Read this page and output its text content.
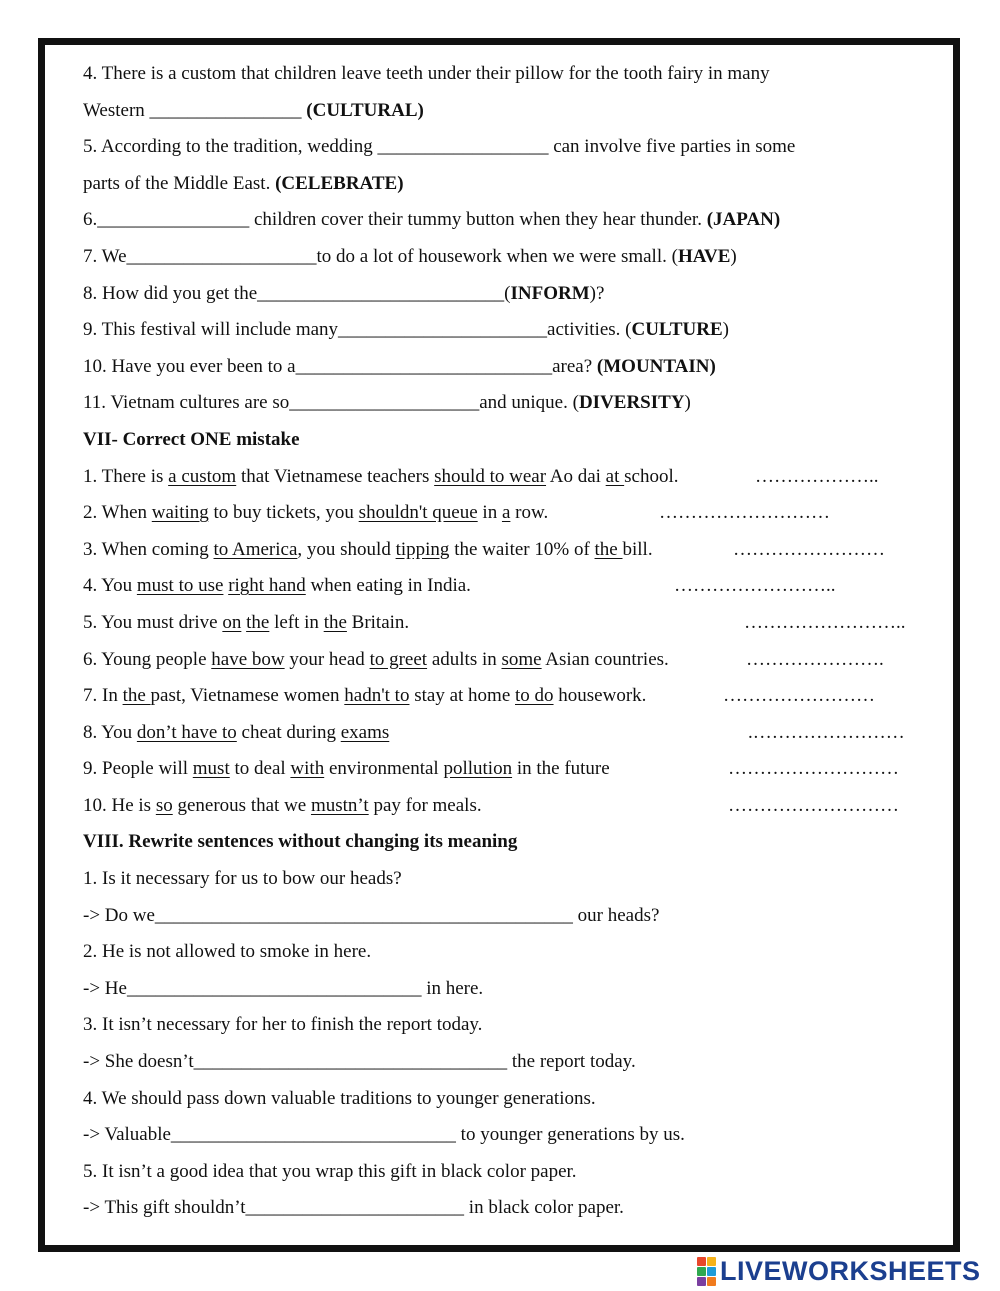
4. There is a custom that children leave teeth under their pillow for the tooth fairy in many
Western ________________ (CULTURAL)
5. According to the tradition, wedding __________________ can involve five parties in some
parts of the Middle East. (CELEBRATE)
6.________________ children cover their tummy button when they hear thunder. (JAPAN)
7. We____________________to do a lot of housework when we were small. (HAVE)
8. How did you get the__________________________(INFORM)?
9. This festival will include many______________________activities. (CULTURE)
10. Have you ever been to a___________________________area? (MOUNTAIN)
11. Vietnam cultures are so____________________and unique. (DIVERSITY)
VII- Correct ONE mistake
1. There is a custom that Vietnamese teachers should to wear Ao dai at school.	………………..
2. When waiting to buy tickets, you shouldn't queue in a row.	………………………
3. When coming to America, you should tipping the waiter 10% of the bill.	……………………
4. You must to use right hand when eating in India.	……………………..
5. You must drive on the left in the Britain.	……………………..
6. Young people have bow your head to greet adults in some Asian countries.	………………….
7. In the past, Vietnamese women hadn't to stay at home to do housework.	……………………
8. You don’t have to cheat during exams	.……………………
9. People will must to deal with environmental pollution in the future	………………………
10. He is so generous that we mustn’t pay for meals.	………………………
VIII. Rewrite sentences without changing its meaning
1. Is it necessary for us to bow our heads?
-> Do we____________________________________________ our heads?
2. He is not allowed to smoke in here.
-> He_______________________________ in here.
3. It isn’t necessary for her to finish the report today.
-> She doesn’t_________________________________ the report today.
4. We should pass down valuable traditions to younger generations.
-> Valuable______________________________ to younger generations by us.
5. It isn’t a good idea that you wrap this gift in black color paper.
-> This gift shouldn’t_______________________ in black color paper.
LIVEWORKSHEETS
